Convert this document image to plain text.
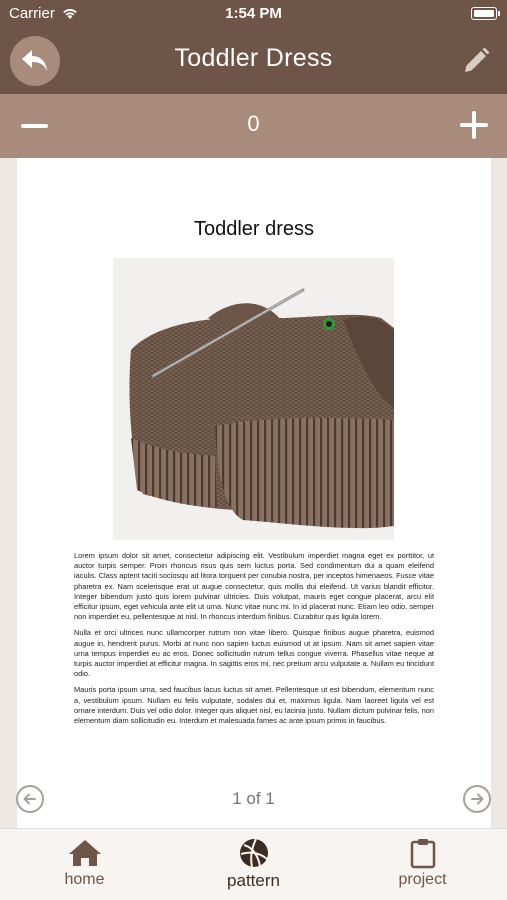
Carrier	1:54 PM
Toddler Dress
0
Toddler dress

Lorem ipsum dolor sit amet, consectetur adipiscing elit. Vestibulum imperdiet magna eget ex porttitor, ut auctor turpis semper. Proin rhoncus risus quis sem luctus porta. Sed condimentum dui a quam eleifend iaculis. Class aptent taciti sociosqu ad litora torquent per conubia nostra, per inceptos himenaeos. Fusce vitae pharetra ex. Nam scelerisque erat ut augue consectetur, quis mollis dui eleifend. Ut varius blandit efficitur. Integer bibendum justo quis lorem pulvinar ultricies. Duis volutpat, mauris eget congue placerat, arcu elit efficitur ipsum, eget vehicula ante elit ut urna. Nunc vitae nunc mi. In id placerat nunc. Etiam leo odio, semper non imperdiet eu, pellentesque at nisl. In rhoncus interdum finibus. Curabitur quis ligula lorem.

Nulla et orci ultrices nunc ullamcorper rutrum non vitae libero. Quisque finibus augue pharetra, euismod augue in, hendrerit purus. Morbi at nunc non sapien luctus euismod ut at ipsum. Nam sit amet sapien vitae urna tempus imperdiet eu ac eros. Donec sollicitudin rutrum tellus congue viverra. Phasellus vitae neque at turpis auctor imperdiet at efficitur magna. In sagittis eros mi, nec pretium arcu vulputate a. Nullam eu tincidunt odio.

Mauris porta ipsum urna, sed faucibus lacus luctus sit amet. Pellentesque ut est bibendum, elementum nunc a, vestibulum ipsum. Nullam eu felis vulputate, sodales dui et, maximus ligula. Nam laoreet ligula vel est ornare interdum. Duis vel odio dolor. Integer quis aliquet nisl, eu lacinia justo. Nullam dictum pulvinar felis, non elementum diam sollicitudin eu. Interdum et malesuada fames ac ante ipsum primis in faucibus.

1 of 1
home	pattern	project
